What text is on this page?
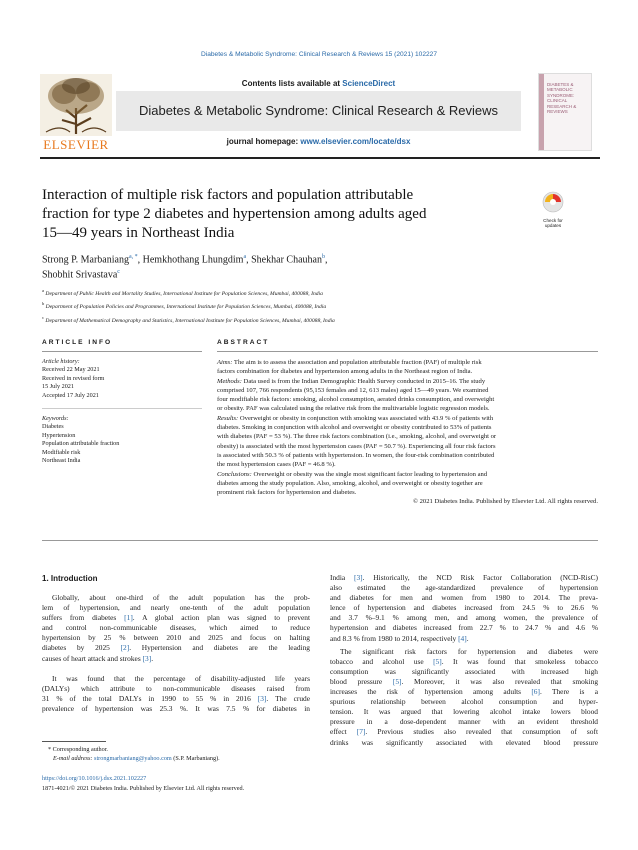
Diabetes & Metabolic Syndrome: Clinical Research & Reviews 15 (2021) 102227
ELSEVIER
Contents lists available at ScienceDirect
Diabetes & Metabolic Syndrome: Clinical Research & Reviews
journal homepage: www.elsevier.com/locate/dsx
DIABETES &
METABOLIC
SYNDROME:
CLINICAL
RESEARCH &
REVIEWS
Check for updates
Interaction of multiple risk factors and population attributable
fraction for type 2 diabetes and hypertension among adults aged
15—49 years in Northeast India
Strong P. Marbaniang$^{a, *}$, Hemkhothang Lhungdim$^a$, Shekhar Chauhan$^b$,
Shobhit Srivastava$^c$
$^a$ Department of Public Health and Mortality Studies, International Institute for Population Sciences, Mumbai, 400088, India
$^b$ Department of Population Policies and Programmes, International Institute for Population Sciences, Mumbai, 400088, India
$^c$ Department of Mathematical Demography and Statistics, International Institute for Population Sciences, Mumbai, 400088, India
ARTICLE INFO
Article history:
Received 22 May 2021
Received in revised form
15 July 2021
Accepted 17 July 2021
Keywords:
Diabetes
Hypertension
Population attributable fraction
Modifiable risk
Northeast India
ABSTRACT
Aims: The aim is to assess the association and population attributable fraction (PAF) of multiple risk
factors combination for diabetes and hypertension among adults in the Northeast region of India.
Methods: Data used is from the Indian Demographic Health Survey conducted in 2015–16. The study
comprised 107, 766 respondents (95,153 females and 12, 613 males) aged 15—49 years. We examined
four modifiable risk factors: smoking, alcohol consumption, aerated drinks consumption, and overweight
or obesity. PAF was calculated using the relative risk from the multivariable logistic regression models.
Results: Overweight or obesity in conjunction with smoking was associated with 43.9 % of patients with
diabetes. Smoking in conjunction with alcohol and overweight or obesity contributed to 53% of patients
with diabetes (PAF = 53 %). The three risk factors combination (i.e., smoking, alcohol, and overweight or
obesity) is associated with the most hypertension cases (PAF = 50.7 %). Experiencing all four risk factors
is associated with 50.3 % of patients with hypertension. In women, the four-risk combination contributed
the most hypertension cases (PAF = 46.8 %).
Conclusions: Overweight or obesity was the single most significant factor leading to hypertension and
diabetes among the study population. Also, smoking, alcohol, and overweight or obesity together are
prominent risk factors for hypertension and diabetes.
© 2021 Diabetes India. Published by Elsevier Ltd. All rights reserved.
1. Introduction
Globally, about one-third of the adult population has the prob-
lem of hypertension, and nearly one-tenth of the adult population
suffers from diabetes [1]. A global action plan was signed to prevent
and control non-communicable diseases, which aimed to reduce
hypertension by 25 % between 2010 and 2025 and focus on halting
diabetes by 2025 [2]. Hypertension and diabetes are the leading
causes of heart attack and strokes [3].
It was found that the percentage of disability-adjusted life years
(DALYs) which attribute to non-communicable diseases raised from
31 % of the total DALYs in 1990 to 55 % in 2016 [3]. The crude
prevalence of hypertension was 25.3 %. It was 7.5 % for diabetes in
India [3]. Historically, the NCD Risk Factor Collaboration (NCD-RisC)
also estimated the age-standardized prevalence of hypertension
and diabetes for men and women from 1980 to 2014. The preva-
lence of hypertension and diabetes increased from 24.5 % to 26.6 %
and 3.7 %–9.1 % among men, and among women, the prevalence of
hypertension and diabetes increased from 22.7 % to 24.7 % and 4.6 %
and 8.3 % from 1980 to 2014, respectively [4].
The significant risk factors for hypertension and diabetes were
tobacco and alcohol use [5]. It was found that smokeless tobacco
consumption was significantly associated with increased high
blood pressure [5]. Moreover, it was also revealed that smoking
increases the risk of hypertension among adults [6]. There is a
spurious relationship between alcohol consumption and hyper-
tension. It was argued that lowering alcohol intake lowers blood
pressure in a dose-dependent manner with an evident threshold
effect [7]. Previous studies also revealed that consumption of soft
drinks was significantly associated with elevated blood pressure
* Corresponding author.
E-mail address: strongmarbaniang@yahoo.com (S.P. Marbaniang).
https://doi.org/10.1016/j.dsx.2021.102227
1871-4021/© 2021 Diabetes India. Published by Elsevier Ltd. All rights reserved.
